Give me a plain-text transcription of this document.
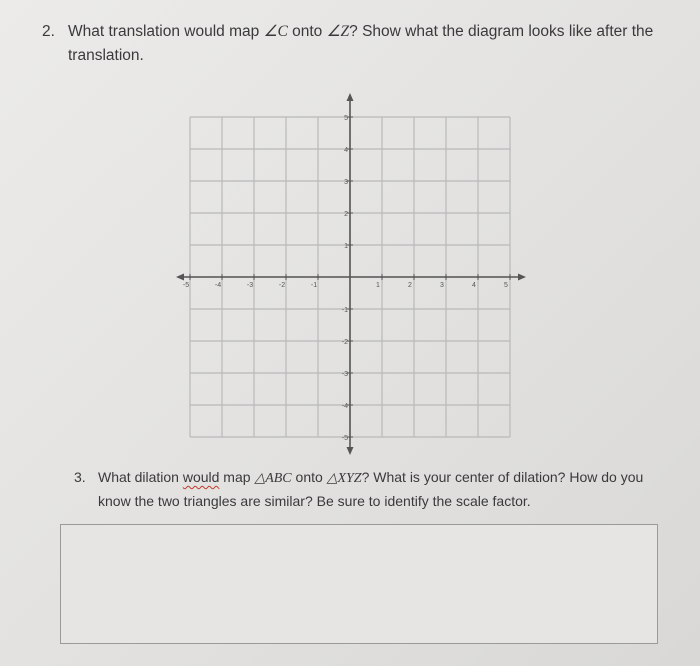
2. What translation would map ∠C onto ∠Z? Show what the diagram looks like after the translation.
-5	-4	-3	-2	-1	1	2	3	4	5
5
4
3
2
1
-1
-2
-3
-4
-5
3. What dilation would map △ABC onto △XYZ? What is your center of dilation? How do you know the two triangles are similar? Be sure to identify the scale factor.
